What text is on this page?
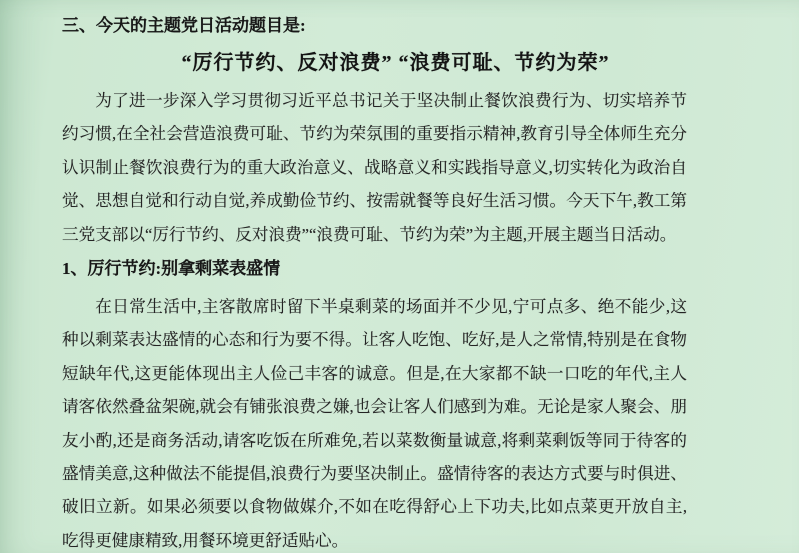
三、今天的主题党日活动题目是:
“厉行节约、反对浪费” “浪费可耻、节约为荣”

为了进一步深入学习贯彻习近平总书记关于坚决制止餐饮浪费行为、切实培养节约习惯,在全社会营造浪费可耻、节约为荣氛围的重要指示精神,教育引导全体师生充分认识制止餐饮浪费行为的重大政治意义、战略意义和实践指导意义,切实转化为政治自觉、思想自觉和行动自觉,养成勤俭节约、按需就餐等良好生活习惯。今天下午,教工第三党支部以“厉行节约、反对浪费”“浪费可耻、节约为荣”为主题,开展主题当日活动。

1、厉行节约:别拿剩菜表盛情

在日常生活中,主客散席时留下半桌剩菜的场面并不少见,宁可点多、绝不能少,这种以剩菜表达盛情的心态和行为要不得。让客人吃饱、吃好,是人之常情,特别是在食物短缺年代,这更能体现出主人俭己丰客的诚意。但是,在大家都不缺一口吃的年代,主人请客依然叠盆架碗,就会有铺张浪费之嫌,也会让客人们感到为难。无论是家人聚会、朋友小酌,还是商务活动,请客吃饭在所难免,若以菜数衡量诚意,将剩菜剩饭等同于待客的盛情美意,这种做法不能提倡,浪费行为要坚决制止。盛情待客的表达方式要与时俱进、破旧立新。如果必须要以食物做媒介,不如在吃得舒心上下功夫,比如点菜更开放自主,吃得更健康精致,用餐环境更舒适贴心。
